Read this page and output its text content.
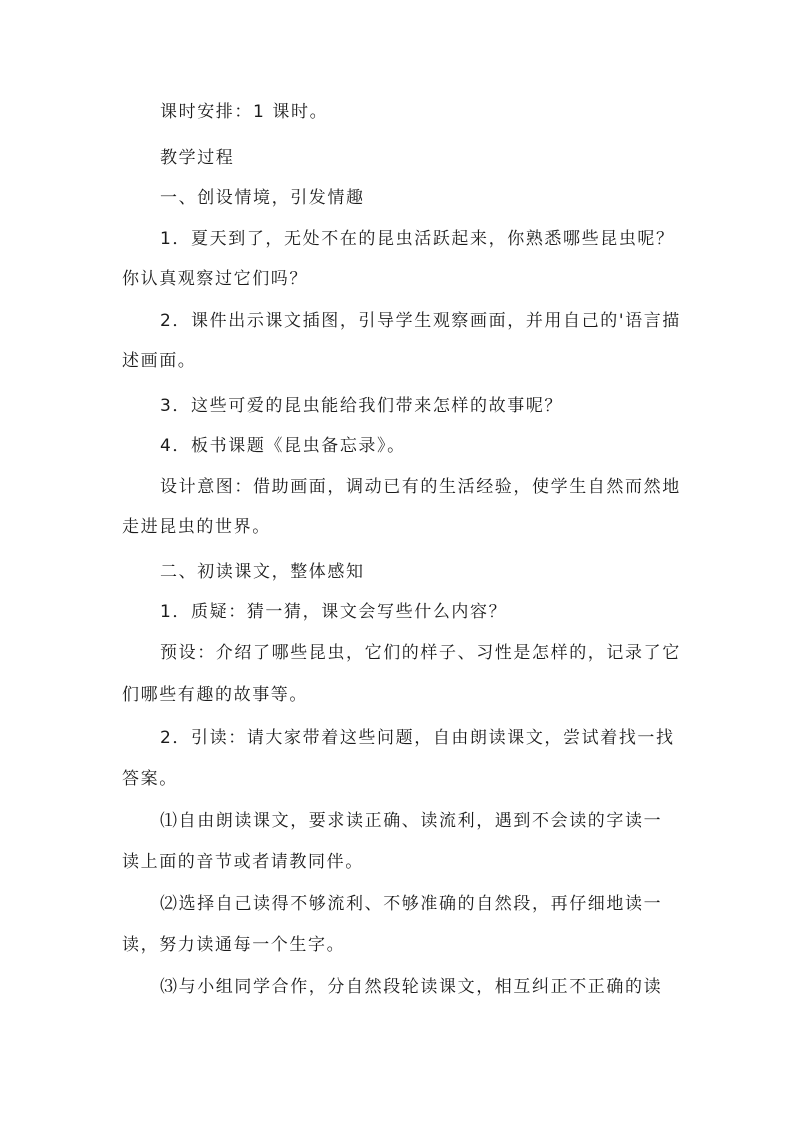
课时安排：1 课时。
教学过程
一、创设情境，引发情趣
1．夏天到了，无处不在的昆虫活跃起来，你熟悉哪些昆虫呢？
你认真观察过它们吗？
2．课件出示课文插图，引导学生观察画面，并用自己的'语言描
述画面。
3．这些可爱的昆虫能给我们带来怎样的故事呢？
4．板书课题《昆虫备忘录》。
设计意图：借助画面，调动已有的生活经验，使学生自然而然地
走进昆虫的世界。
二、初读课文，整体感知
1．质疑：猜一猜，课文会写些什么内容？
预设：介绍了哪些昆虫，它们的样子、习性是怎样的，记录了它
们哪些有趣的故事等。
2．引读：请大家带着这些问题，自由朗读课文，尝试着找一找
答案。
⑴自由朗读课文，要求读正确、读流利，遇到不会读的字读一
读上面的音节或者请教同伴。
⑵选择自己读得不够流利、不够准确的自然段，再仔细地读一
读，努力读通每一个生字。
⑶与小组同学合作，分自然段轮读课文，相互纠正不正确的读
